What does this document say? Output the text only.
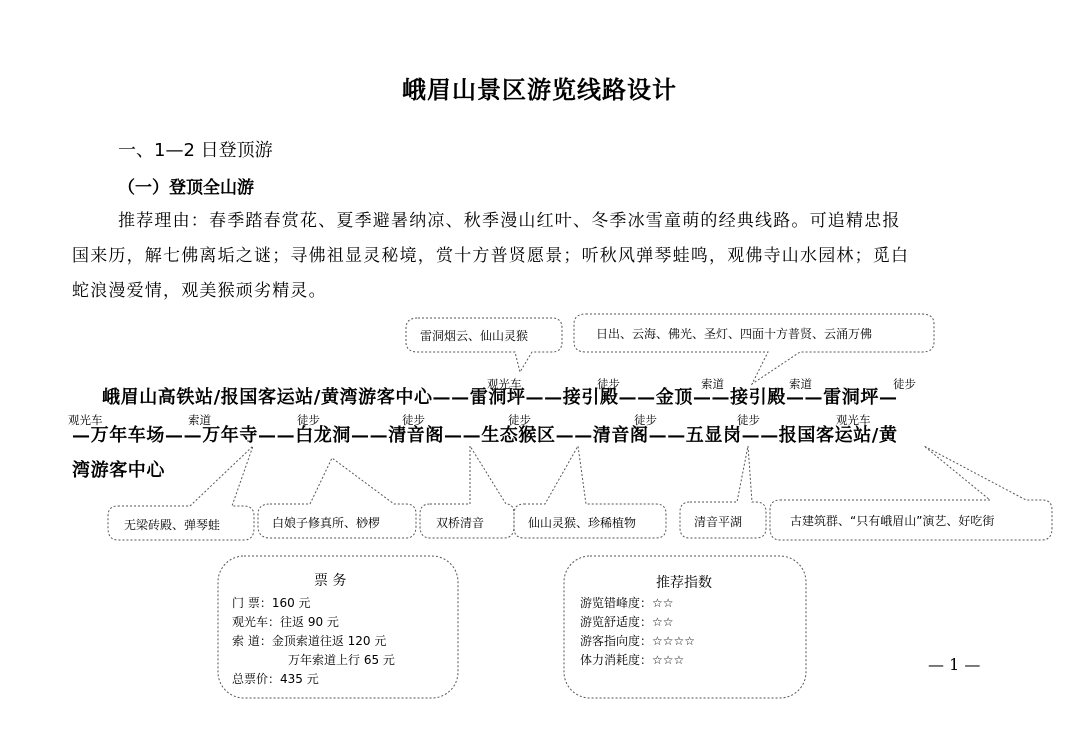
峨眉山景区游览线路设计
一、1—2 日登顶游
（一）登顶全山游
推荐理由：春季踏春赏花、夏季避暑纳凉、秋季漫山红叶、冬季冰雪童萌的经典线路。可追精忠报
国来历，解七佛离垢之谜；寻佛祖显灵秘境，赏十方普贤愿景；听秋风弹琴蛙鸣，观佛寺山水园林；觅白
蛇浪漫爱情，观美猴顽劣精灵。
观光车	徒步	索道	索道	徒步
观光车	索道	徒步	徒步	徒步	徒步	徒步	观光车
峨眉山高铁站/报国客运站/黄湾游客中心——雷洞坪——接引殿——金顶——接引殿——雷洞坪—
—万年车场——万年寺——白龙洞——清音阁——生态猴区——清音阁——五显岗——报国客运站/黄
湾游客中心
雷洞烟云、仙山灵猴	日出、云海、佛光、圣灯、四面十方普贤、云涌万佛
无梁砖殿、弹琴蛙	白娘子修真所、桫椤	双桥清音	仙山灵猴、珍稀植物	清音平湖	古建筑群、“只有峨眉山”演艺、好吃街
票 务
门 票：160 元
观光车：往返 90 元
索 道：金顶索道往返 120 元
万年索道上行 65 元
总票价：435 元
推荐指数
游览错峰度：☆☆
游览舒适度：☆☆
游客指向度：☆☆☆☆
体力消耗度：☆☆☆	— 1 —
